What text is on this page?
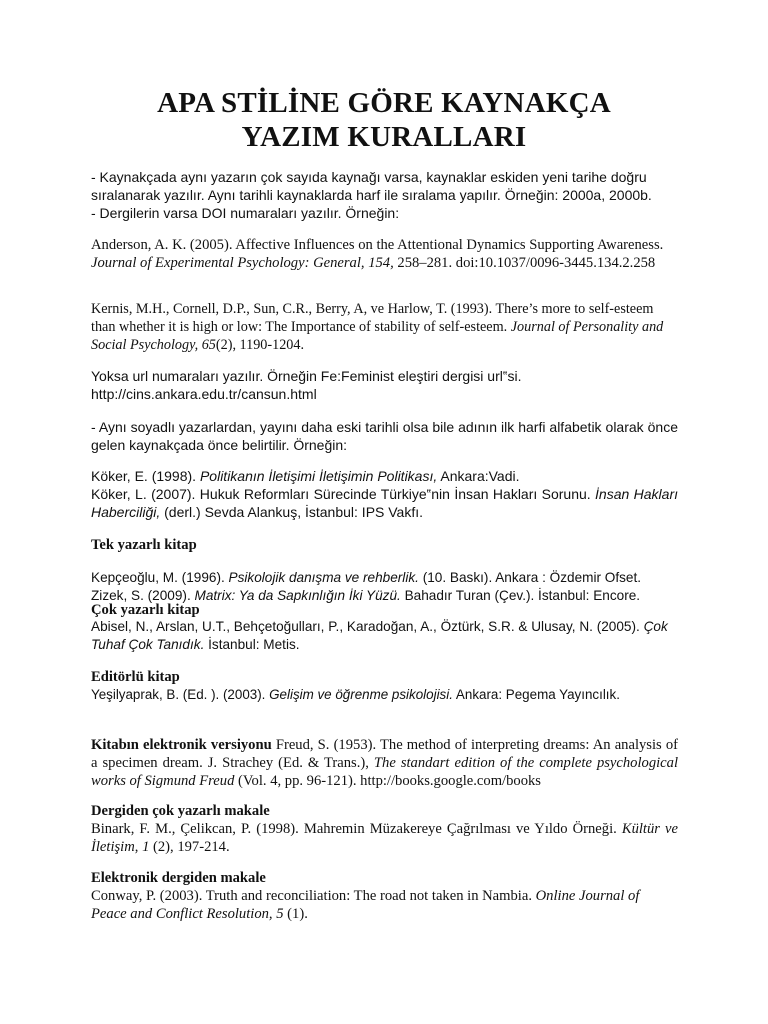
APA STİLİNE GÖRE KAYNAKÇA
YAZIM KURALLARI

- Kaynakçada aynı yazarın çok sayıda kaynağı varsa, kaynaklar eskiden yeni tarihe doğru

sıralanarak yazılır. Aynı tarihli kaynaklarda harf ile sıralama yapılır. Örneğin: 2000a, 2000b.

- Dergilerin varsa DOI numaraları yazılır. Örneğin:

Anderson, A. K. (2005). Affective Influences on the Attentional Dynamics Supporting Awareness. Journal of Experimental Psychology: General, 154, 258–281. doi:10.1037/0096-3445.134.2.258

Kernis, M.H., Cornell, D.P., Sun, C.R., Berry, A, ve Harlow, T. (1993). There’s more to self-esteem than whether it is high or low: The Importance of stability of self-esteem. Journal of Personality and Social Psychology, 65(2), 1190-1204.

Yoksa url numaraları yazılır. Örneğin Fe:Feminist eleştiri dergisi url‟si.

http://cins.ankara.edu.tr/cansun.html

- Aynı soyadlı yazarlardan, yayını daha eski tarihli olsa bile adının ilk harfi alfabetik olarak önce gelen kaynakçada önce belirtilir. Örneğin:

Köker, E. (1998). Politikanın İletişimi İletişimin Politikası, Ankara:Vadi.

Köker, L. (2007). Hukuk Reformları Sürecinde Türkiye‟nin İnsan Hakları Sorunu. İnsan Hakları Haberciliği, (derl.) Sevda Alankuş, İstanbul: IPS Vakfı.

Tek yazarlı kitap

Kepçeoğlu, M. (1996). Psikolojik danışma ve rehberlik. (10. Baskı). Ankara : Özdemir Ofset.

Zizek, S. (2009). Matrix: Ya da Sapkınlığın İki Yüzü. Bahadır Turan (Çev.). İstanbul: Encore.

Çok yazarlı kitap

Abisel, N., Arslan, U.T., Behçetoğulları, P., Karadoğan, A., Öztürk, S.R. & Ulusay, N. (2005). Çok Tuhaf Çok Tanıdık. İstanbul: Metis.

Editörlü kitap

Yeşilyaprak, B. (Ed. ). (2003). Gelişim ve öğrenme psikolojisi. Ankara: Pegema Yayıncılık.

Kitabın elektronik versiyonu Freud, S. (1953). The method of interpreting dreams: An analysis of a specimen dream. J. Strachey (Ed. & Trans.), The standart edition of the complete psychological works of Sigmund Freud (Vol. 4, pp. 96-121). http://books.google.com/books

Dergiden çok yazarlı makale

Binark, F. M., Çelikcan, P. (1998). Mahremin Müzakereye Çağrılması ve Yıldo Örneği. Kültür ve İletişim, 1 (2), 197-214.

Elektronik dergiden makale

Conway, P. (2003). Truth and reconciliation: The road not taken in Nambia. Online Journal of Peace and Conflict Resolution, 5 (1).
